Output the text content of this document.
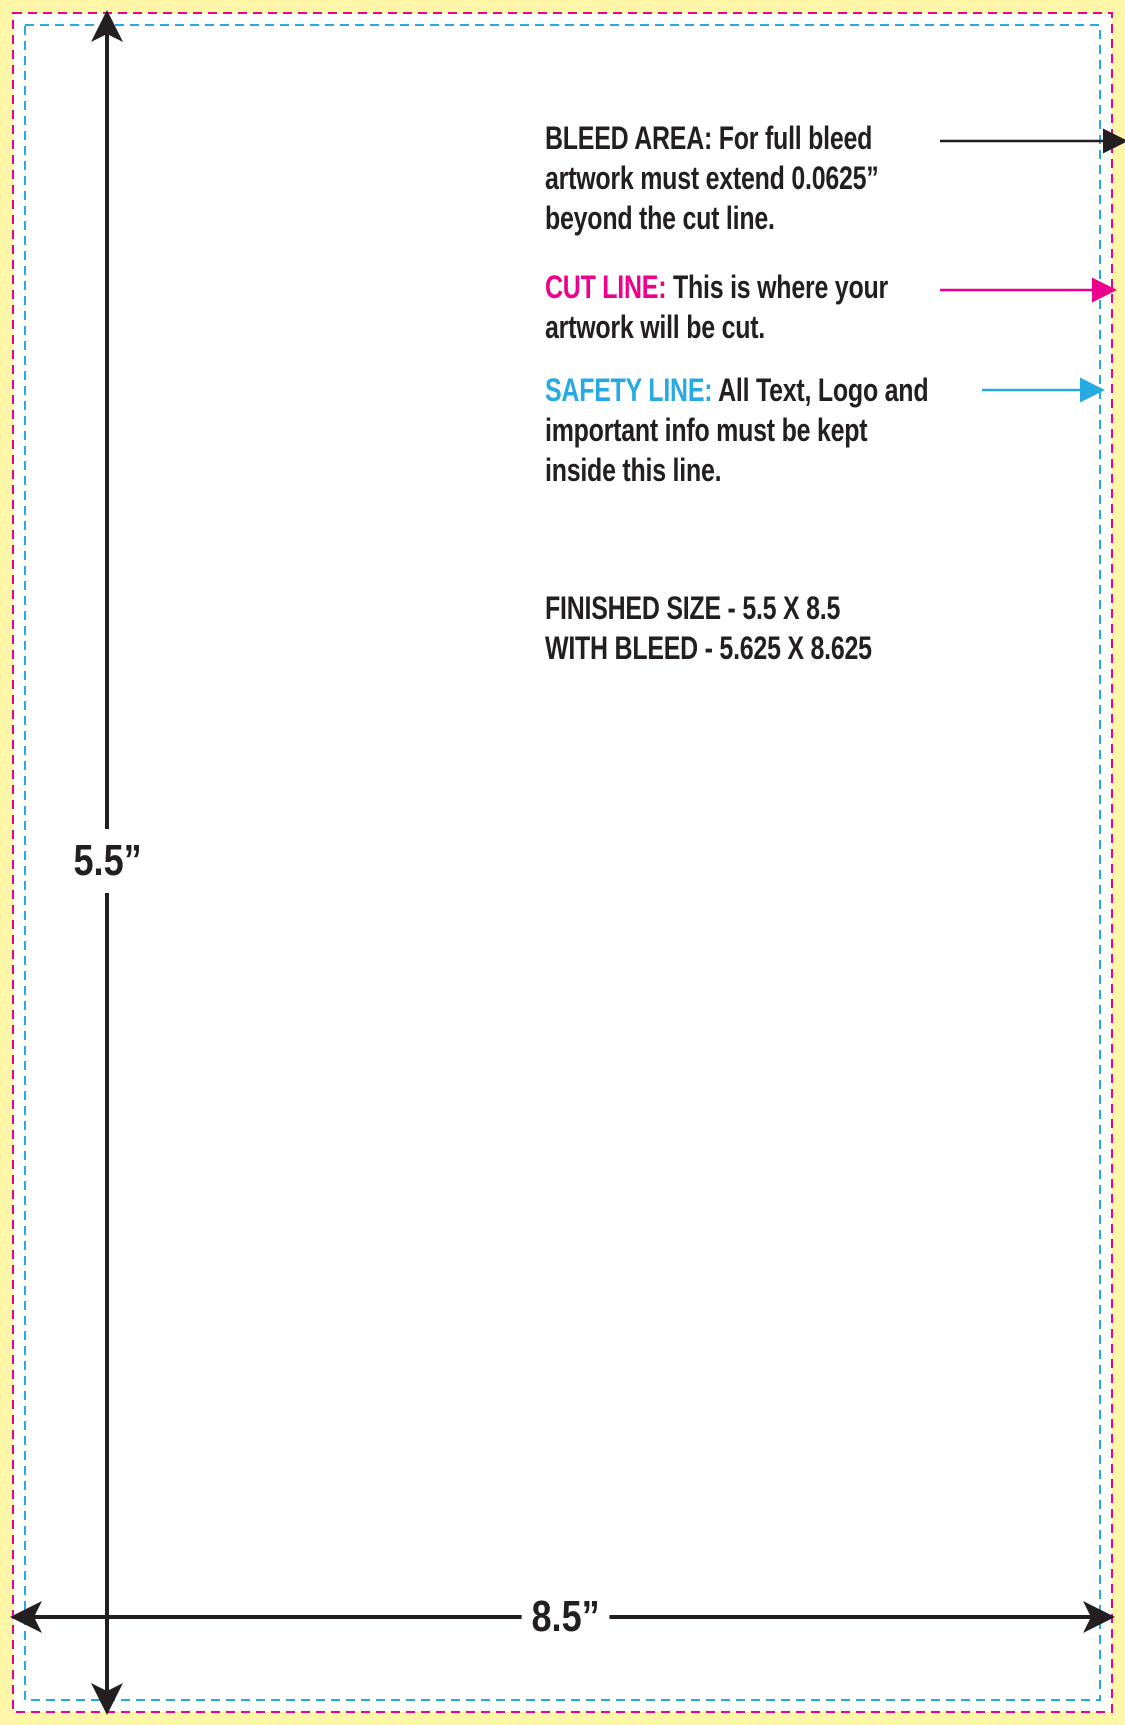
BLEED AREA: For full bleed
artwork must extend 0.0625”
beyond the cut line.
CUT LINE: This is where your
artwork will be cut.
SAFETY LINE: All Text, Logo and
important info must be kept
inside this line.
FINISHED SIZE - 5.5 X 8.5
WITH BLEED - 5.625 X 8.625
5.5”
8.5”
